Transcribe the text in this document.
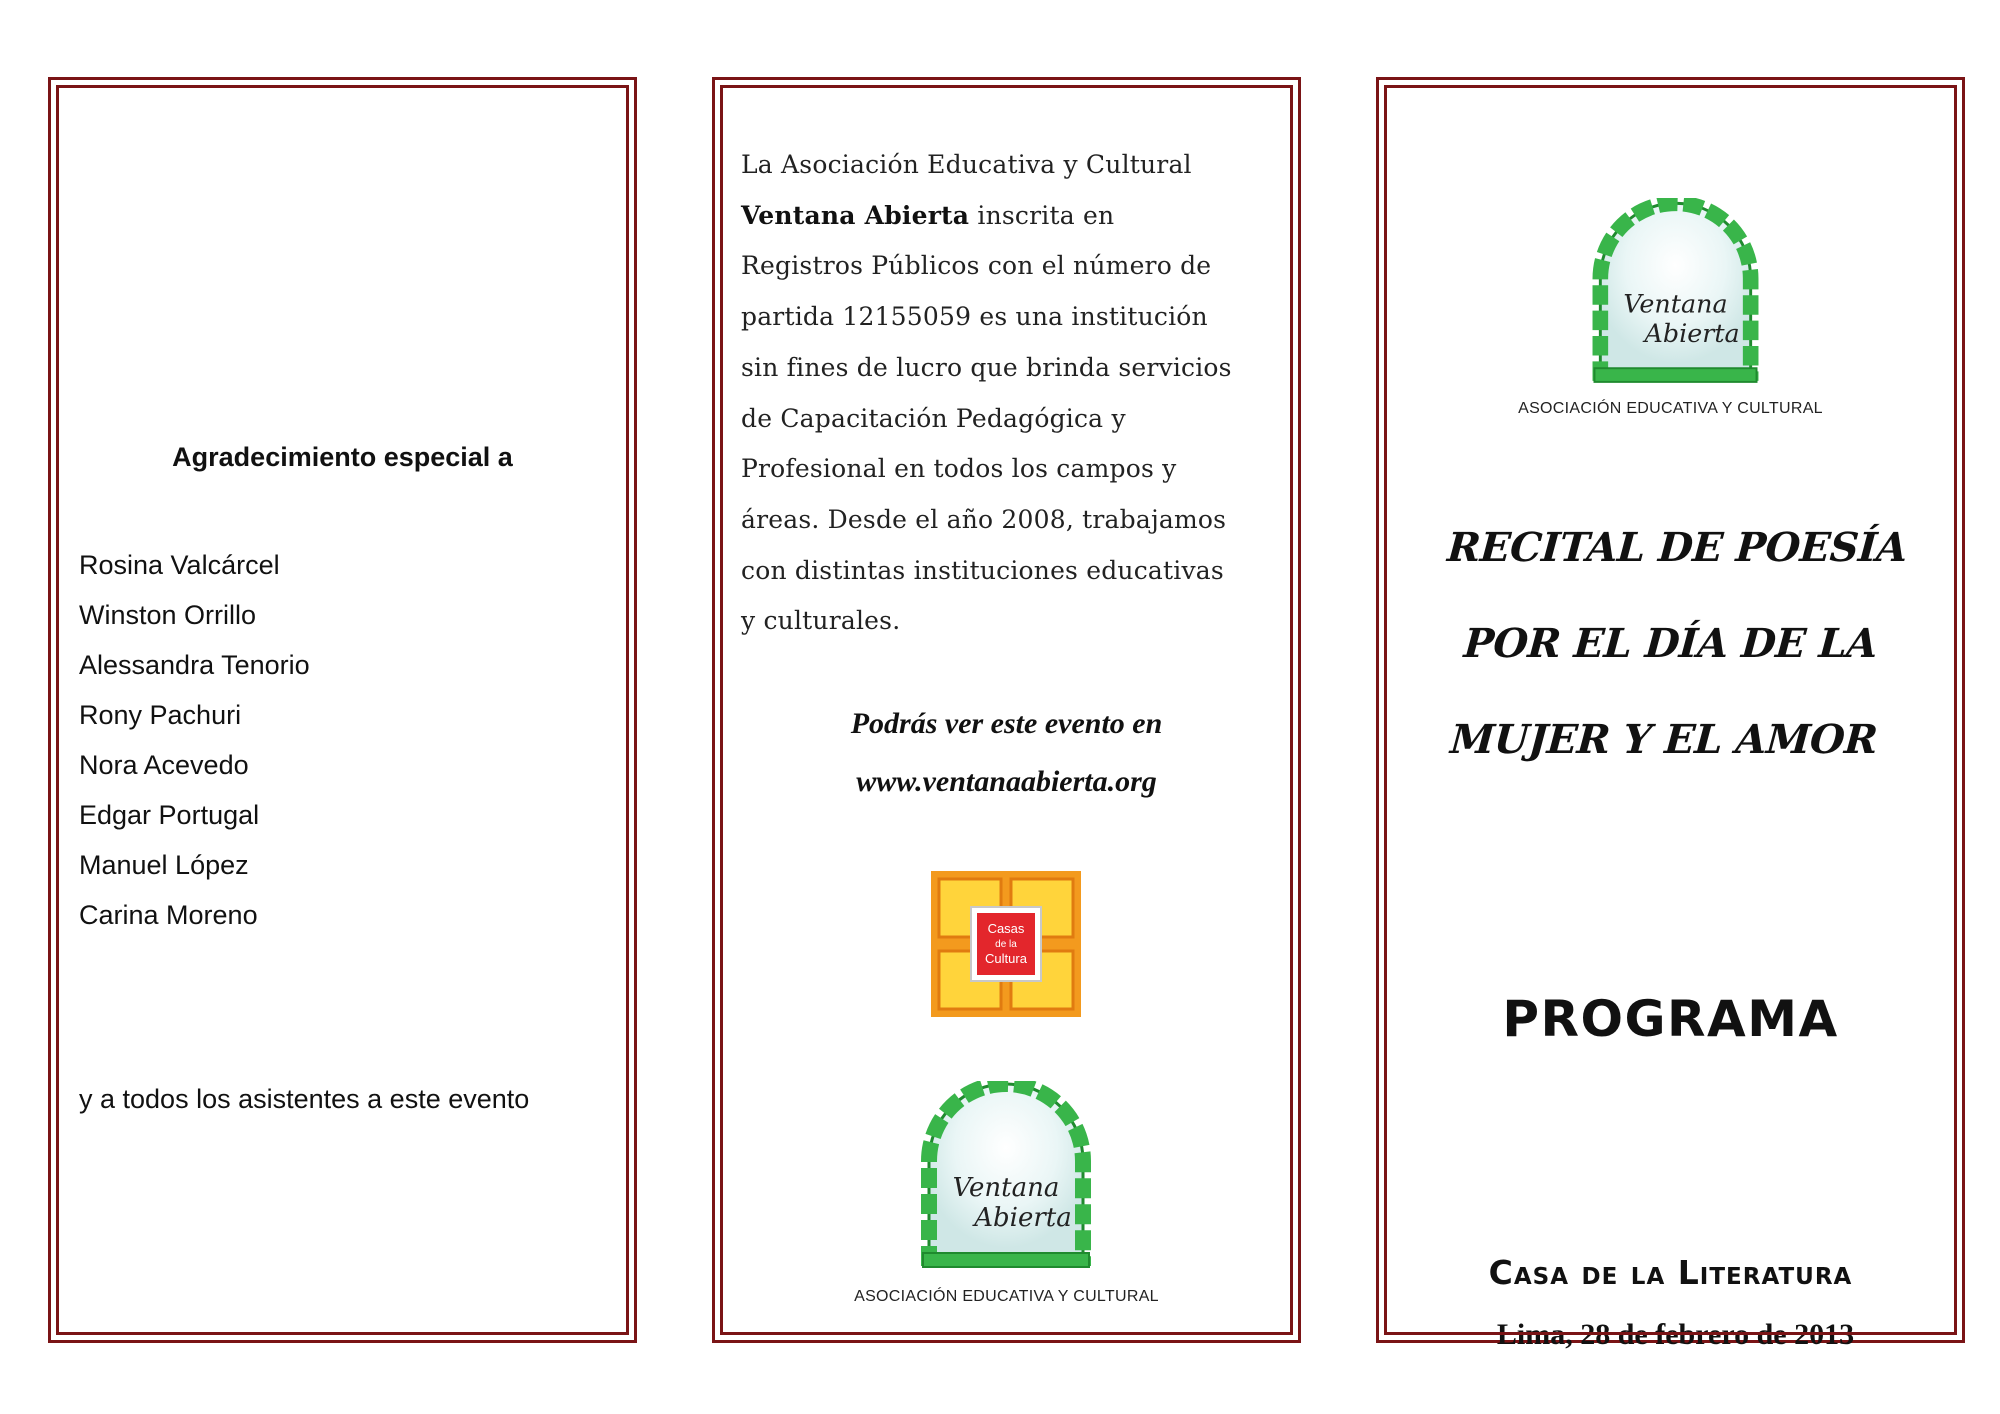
Agradecimiento especial a
Rosina Valcárcel
Winston Orrillo
Alessandra Tenorio
Rony Pachuri
Nora Acevedo
Edgar Portugal
Manuel López
Carina Moreno
y a todos los asistentes a este evento
La Asociación Educativa y Cultural
Ventana Abierta inscrita en
Registros Públicos con el número de
partida 12155059 es una institución
sin fines de lucro que brinda servicios
de Capacitación Pedagógica y
Profesional en todos los campos y
áreas. Desde el año 2008, trabajamos
con distintas instituciones educativas
y culturales.
Podrás ver este evento en
www.ventanaabierta.org
Casas
de la
Cultura
Ventana
Abierta
ASOCIACIÓN EDUCATIVA Y CULTURAL
Ventana
Abierta
ASOCIACIÓN EDUCATIVA Y CULTURAL
RECITAL DE POESÍA
POR EL DÍA DE LA
MUJER Y EL AMOR
PROGRAMA
Casa de la Literatura
Lima, 28 de febrero de 2013
